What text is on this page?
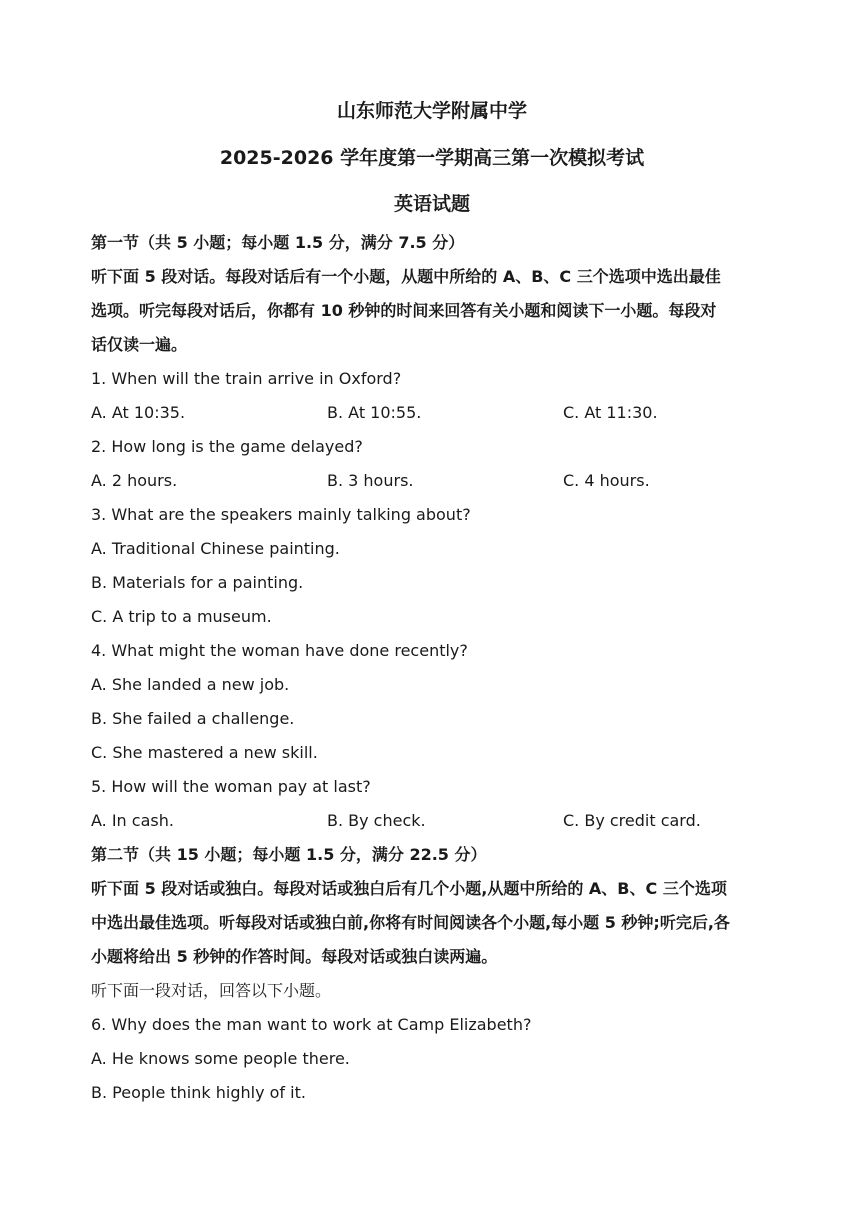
山东师范大学附属中学
2025-2026 学年度第一学期高三第一次模拟考试
英语试题
第一节（共 5 小题；每小题 1.5 分，满分 7.5 分）
听下面 5 段对话。每段对话后有一个小题，从题中所给的 A、B、C 三个选项中选出最佳
选项。听完每段对话后，你都有 10 秒钟的时间来回答有关小题和阅读下一小题。每段对
话仅读一遍。
1. When will the train arrive in Oxford?
A. At 10:35.	B. At 10:55.	C. At 11:30.
2. How long is the game delayed?
A. 2 hours.	B. 3 hours.	C. 4 hours.
3. What are the speakers mainly talking about?
A. Traditional Chinese painting.
B. Materials for a painting.
C. A trip to a museum.
4. What might the woman have done recently?
A. She landed a new job.
B. She failed a challenge.
C. She mastered a new skill.
5. How will the woman pay at last?
A. In cash.	B. By check.	C. By credit card.
第二节（共 15 小题；每小题 1.5 分，满分 22.5 分）
听下面 5 段对话或独白。每段对话或独白后有几个小题,从题中所给的 A、B、C 三个选项
中选出最佳选项。听每段对话或独白前,你将有时间阅读各个小题,每小题 5 秒钟;听完后,各
小题将给出 5 秒钟的作答时间。每段对话或独白读两遍。
听下面一段对话，回答以下小题。
6. Why does the man want to work at Camp Elizabeth?
A. He knows some people there.
B. People think highly of it.
